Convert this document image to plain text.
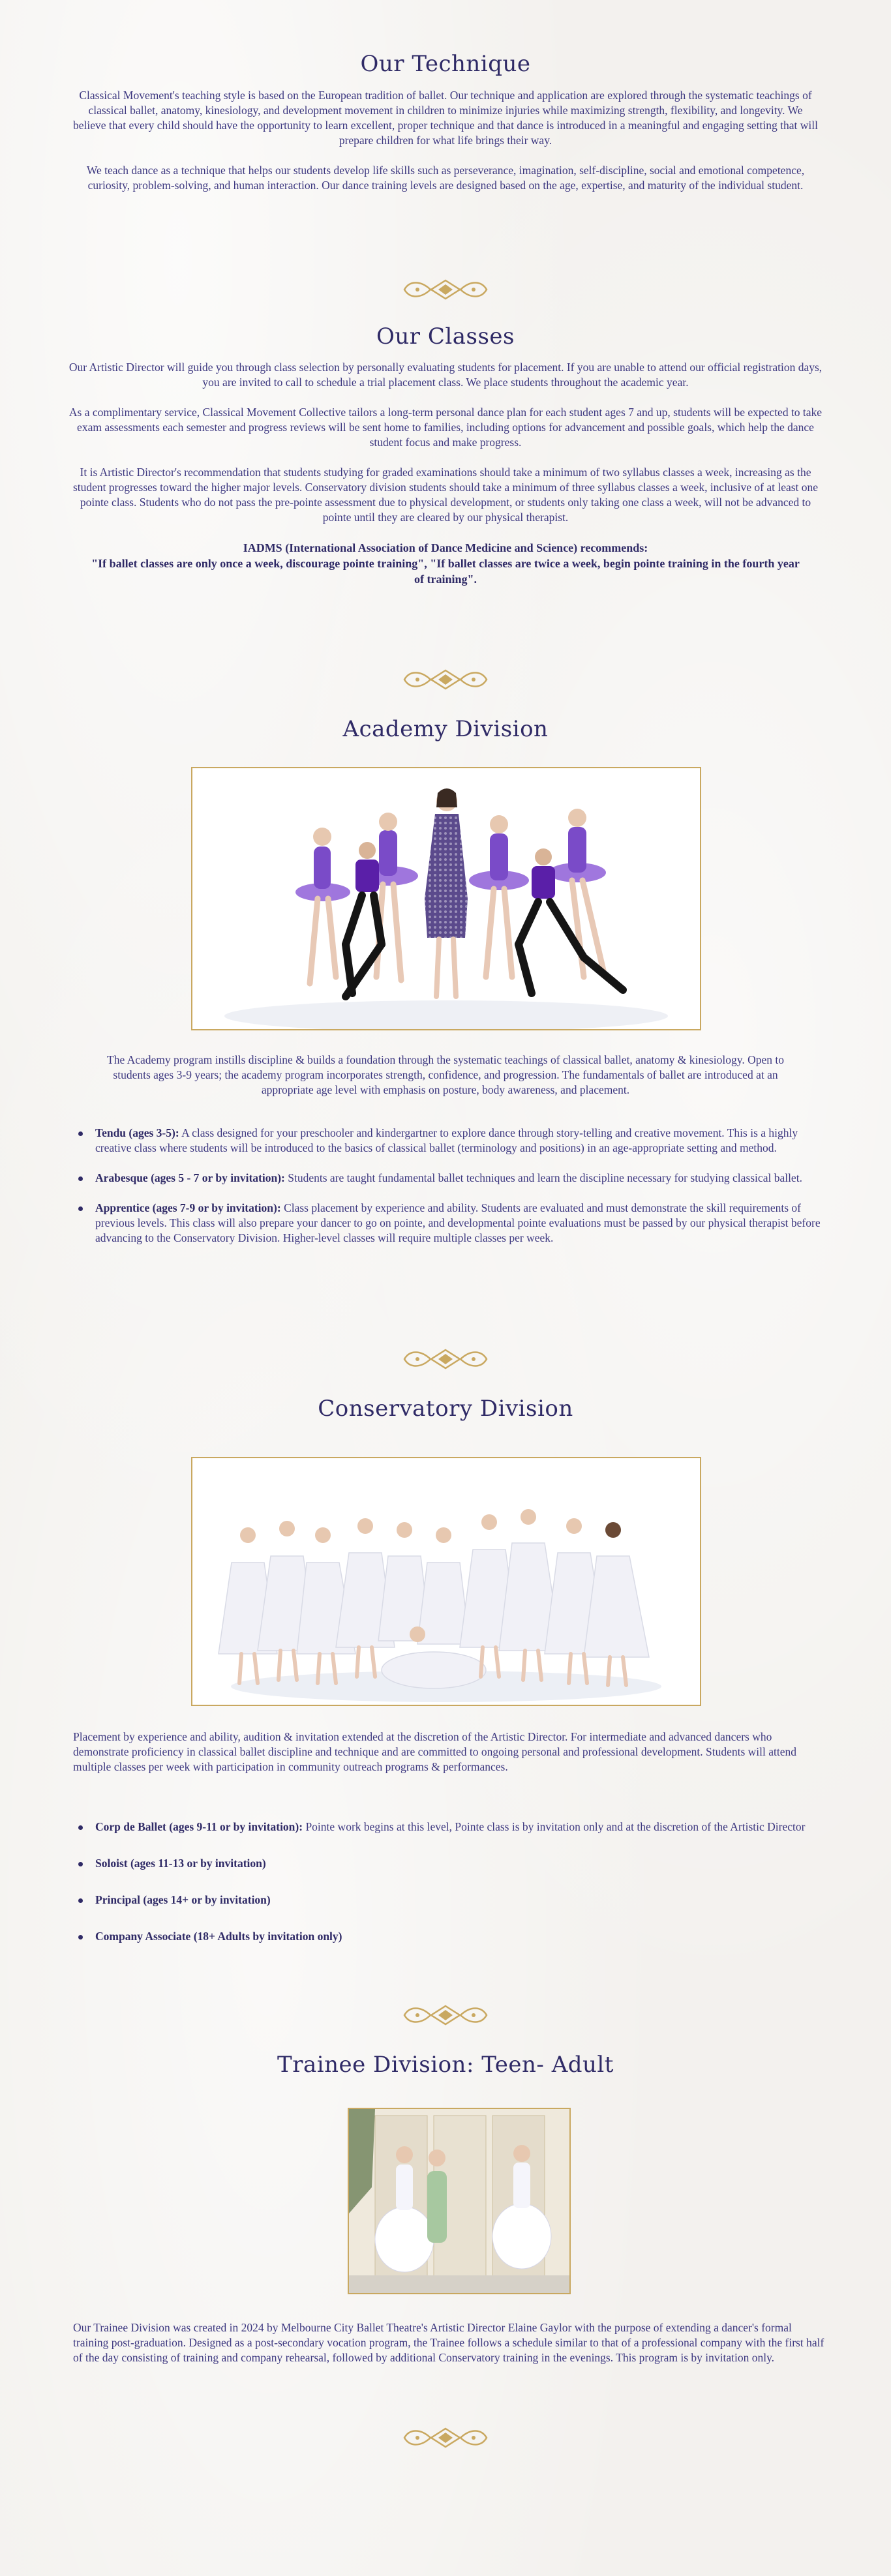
Our Technique

Classical Movement's teaching style is based on the European tradition of ballet. Our technique and application are explored through the systematic teachings of classical ballet, anatomy, kinesiology, and development movement in children to minimize injuries while maximizing strength, flexibility, and longevity. We believe that every child should have the opportunity to learn excellent, proper technique and that dance is introduced in a meaningful and engaging setting that will prepare children for what life brings their way.

We teach dance as a technique that helps our students develop life skills such as perseverance, imagination, self-discipline, social and emotional competence, curiosity, problem-solving, and human interaction. Our dance training levels are designed based on the age, expertise, and maturity of the individual student.

Our Classes

Our Artistic Director will guide you through class selection by personally evaluating students for placement. If you are unable to attend our official registration days, you are invited to call to schedule a trial placement class. We place students throughout the academic year.

As a complimentary service, Classical Movement Collective tailors a long-term personal dance plan for each student ages 7 and up, students will be expected to take exam assessments each semester and progress reviews will be sent home to families, including options for advancement and possible goals, which help the dance student focus and make progress.

It is Artistic Director's recommendation that students studying for graded examinations should take a minimum of two syllabus classes a week, increasing as the student progresses toward the higher major levels. Conservatory division students should take a minimum of three syllabus classes a week, inclusive of at least one pointe class. Students who do not pass the pre-pointe assessment due to physical development, or students only taking one class a week, will not be advanced to pointe until they are cleared by our physical therapist.

IADMS (International Association of Dance Medicine and Science) recommends:

"If ballet classes are only once a week, discourage pointe training", "If ballet classes are twice a week, begin pointe training in the fourth year of training".

Academy Division

The Academy program instills discipline & builds a foundation through the systematic teachings of classical ballet, anatomy & kinesiology. Open to students ages 3-9 years; the academy program incorporates strength, confidence, and progression. The fundamentals of ballet are introduced at an appropriate age level with emphasis on posture, body awareness, and placement.

Tendu (ages 3-5): A class designed for your preschooler and kindergartner to explore dance through story-telling and creative movement. This is a highly creative class where students will be introduced to the basics of classical ballet (terminology and positions) in an age-appropriate setting and method.
Arabesque (ages 5 - 7 or by invitation): Students are taught fundamental ballet techniques and learn the discipline necessary for studying classical ballet.
Apprentice (ages 7-9 or by invitation): Class placement by experience and ability. Students are evaluated and must demonstrate the skill requirements of previous levels. This class will also prepare your dancer to go on pointe, and developmental pointe evaluations must be passed by our physical therapist before advancing to the Conservatory Division. Higher-level classes will require multiple classes per week.
Conservatory Division

Placement by experience and ability, audition & invitation extended at the discretion of the Artistic Director. For intermediate and advanced dancers who demonstrate proficiency in classical ballet discipline and technique and are committed to ongoing personal and professional development. Students will attend multiple classes per week with participation in community outreach programs & performances.

Corp de Ballet (ages 9-11 or by invitation): Pointe work begins at this level, Pointe class is by invitation only and at the discretion of the Artistic Director
Soloist (ages 11-13 or by invitation)
Principal (ages 14+ or by invitation)
Company Associate (18+ Adults by invitation only)
Trainee Division: Teen- Adult

Our Trainee Division was created in 2024 by Melbourne City Ballet Theatre's Artistic Director Elaine Gaylor with the purpose of extending a dancer's formal training post-graduation. Designed as a post-secondary vocation program, the Trainee follows a schedule similar to that of a professional company with the first half of the day consisting of training and company rehearsal, followed by additional Conservatory training in the evenings. This program is by invitation only.
